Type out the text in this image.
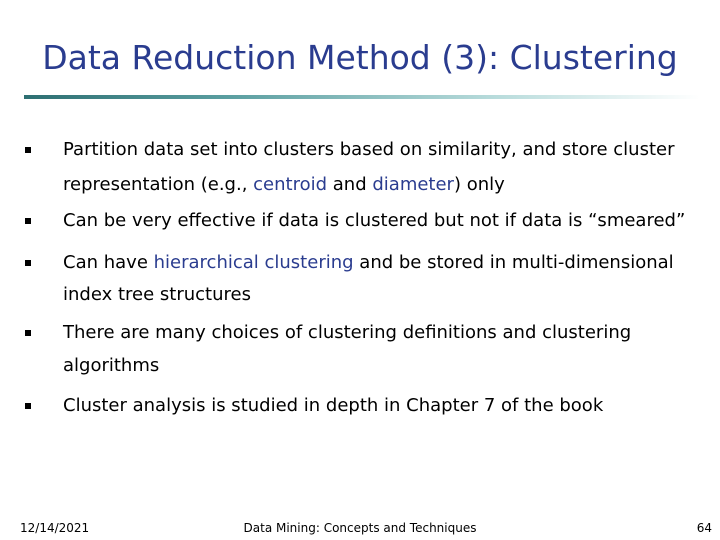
Data Reduction Method (3): Clustering
Partition data set into clusters based on similarity, and store cluster
representation (e.g., centroid and diameter) only
Can be very effective if data is clustered but not if data is “smeared”
Can have hierarchical clustering and be stored in multi-dimensional
index tree structures
There are many choices of clustering definitions and clustering
algorithms
Cluster analysis is studied in depth in Chapter 7 of the book
12/14/2021	Data Mining: Concepts and Techniques	64
